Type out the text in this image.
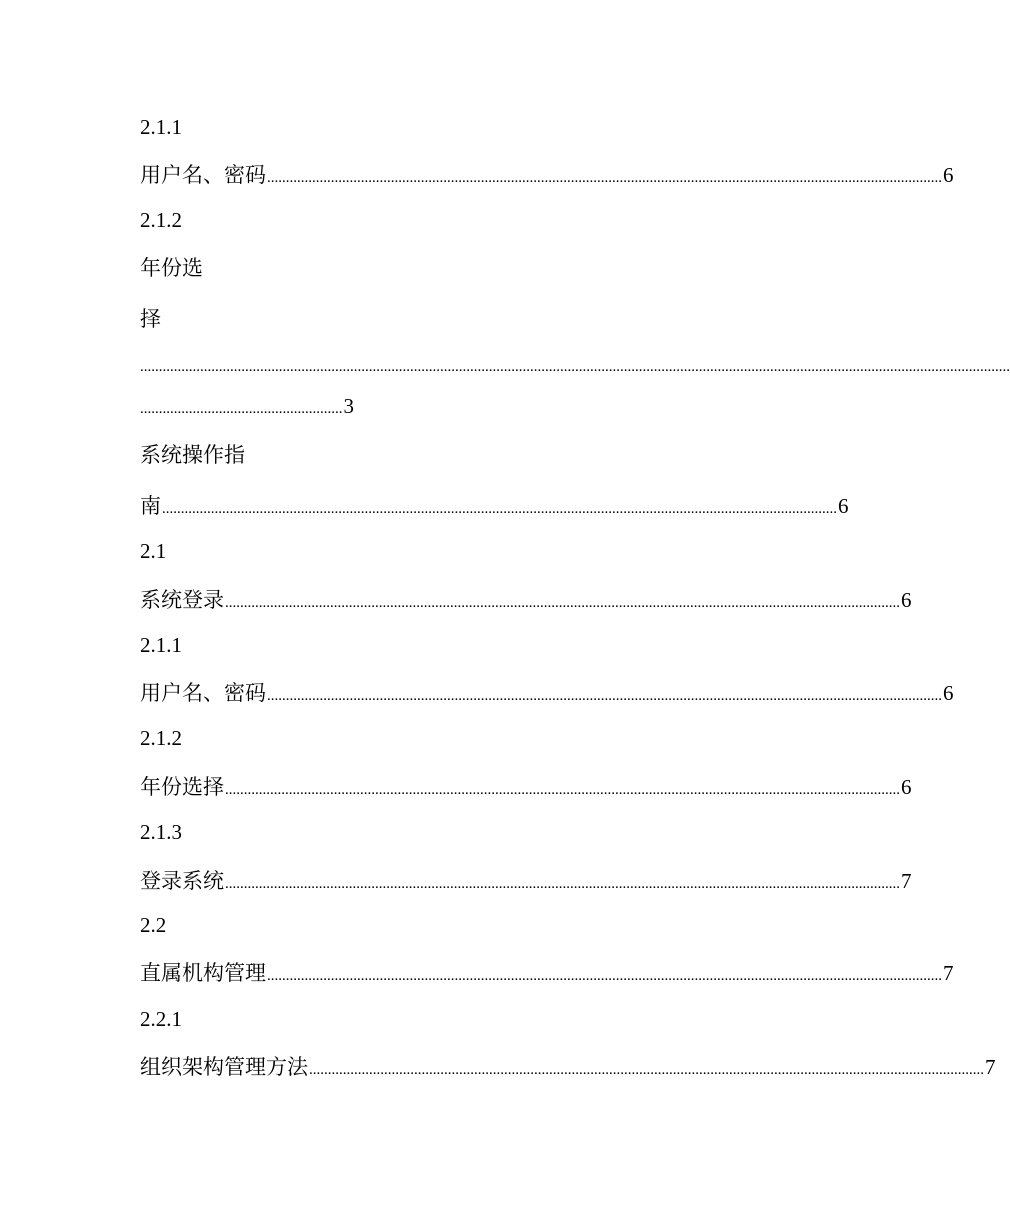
2.1.1
用户名、密码 .................................................................................................................................................................................... 6
2.1.2
年份选
择
........................................................................................................................................................................................................................................
...................................................... 3
系统操作指
南 .................................................................................................................................................................................... 6
2.1
系统登录 .................................................................................................................................................................................... 6
2.1.1
用户名、密码 .................................................................................................................................................................................... 6
2.1.2
年份选择 .................................................................................................................................................................................... 6
2.1.3
登录系统 .................................................................................................................................................................................... 7
2.2
直属机构管理 .................................................................................................................................................................................... 7
2.2.1
组织架构管理方法 .................................................................................................................................................................................... 7
